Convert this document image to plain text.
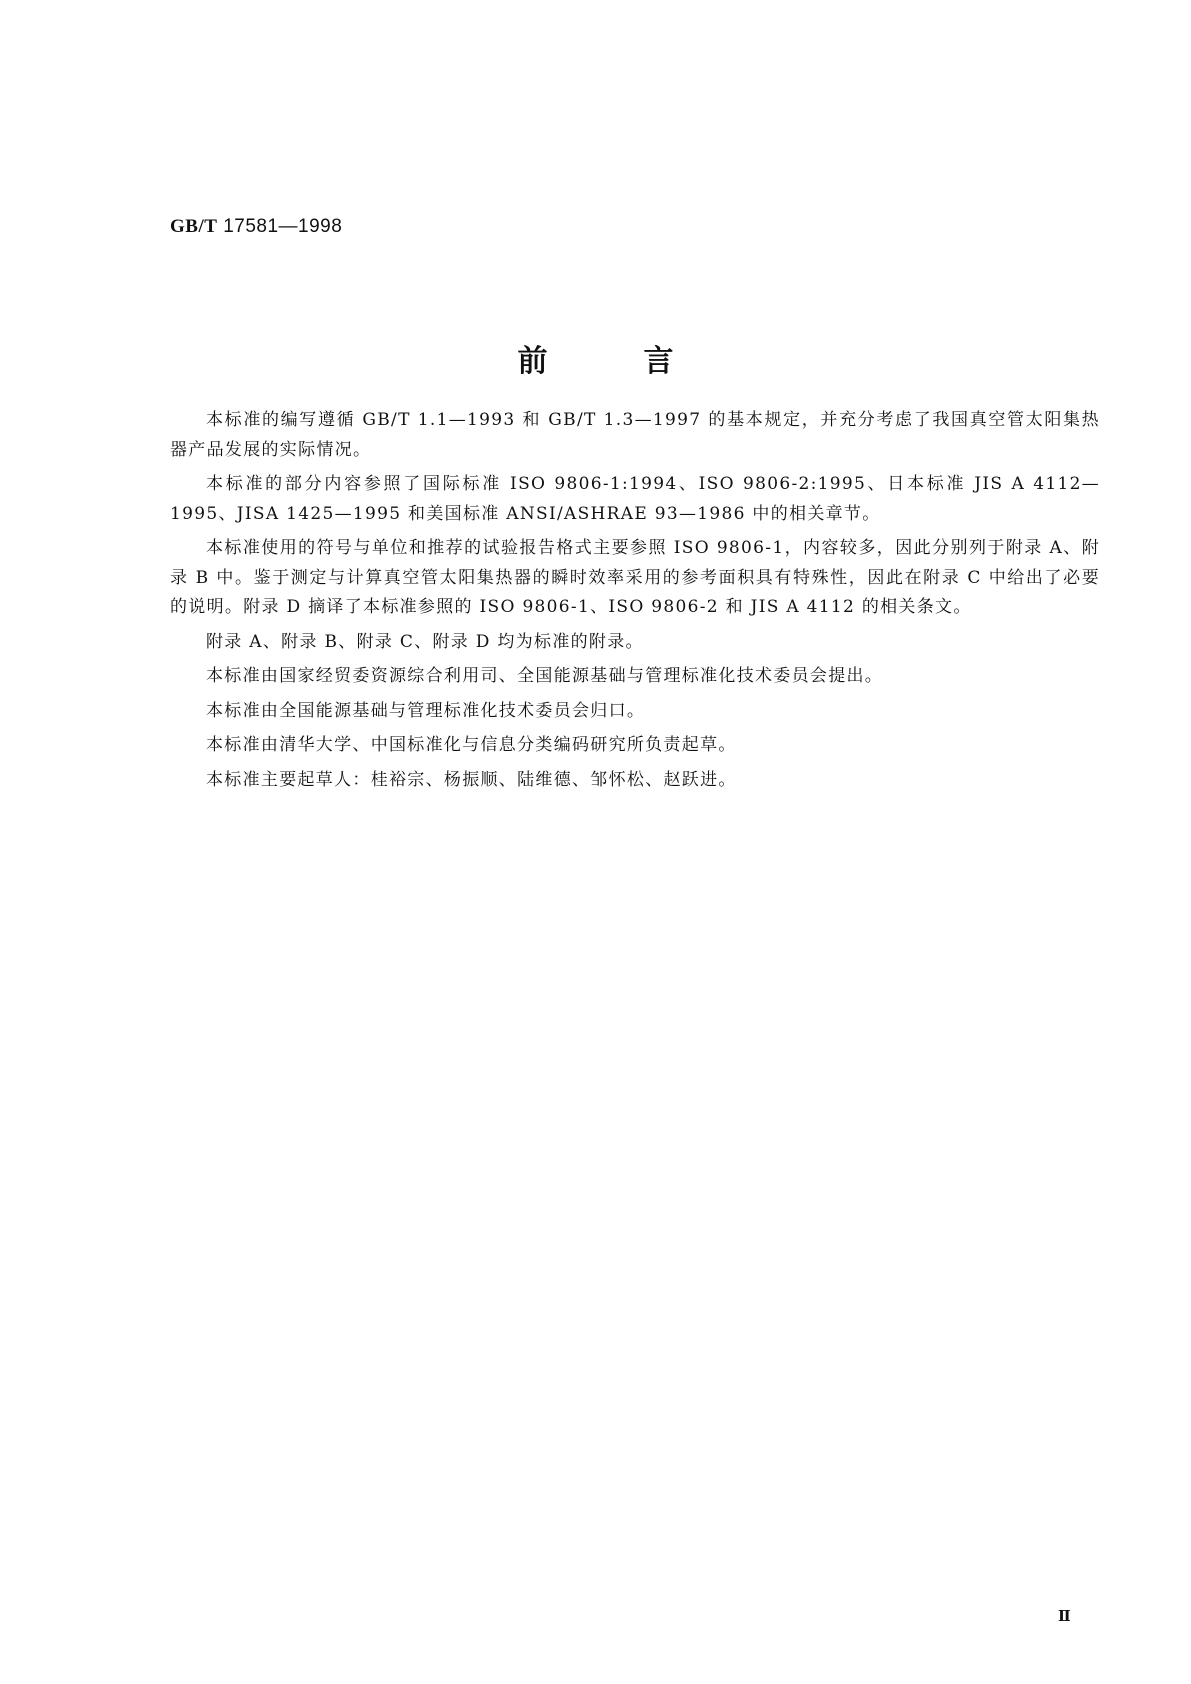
GB/T 17581—1998
前言

本标准的编写遵循 GB/T 1.1—1993 和 GB/T 1.3—1997 的基本规定，并充分考虑了我国真空管太阳集热器产品发展的实际情况。

本标准的部分内容参照了国际标准 ISO 9806-1:1994、ISO 9806-2:1995、日本标准 JIS A 4112—1995、JISA 1425—1995 和美国标准 ANSI/ASHRAE 93—1986 中的相关章节。

本标准使用的符号与单位和推荐的试验报告格式主要参照 ISO 9806-1，内容较多，因此分别列于附录 A、附录 B 中。鉴于测定与计算真空管太阳集热器的瞬时效率采用的参考面积具有特殊性，因此在附录 C 中给出了必要的说明。附录 D 摘译了本标准参照的 ISO 9806-1、ISO 9806-2 和 JIS A 4112 的相关条文。

附录 A、附录 B、附录 C、附录 D 均为标准的附录。

本标准由国家经贸委资源综合利用司、全国能源基础与管理标准化技术委员会提出。

本标准由全国能源基础与管理标准化技术委员会归口。

本标准由清华大学、中国标准化与信息分类编码研究所负责起草。

本标准主要起草人：桂裕宗、杨振顺、陆维德、邹怀松、赵跃进。

Ⅱ
